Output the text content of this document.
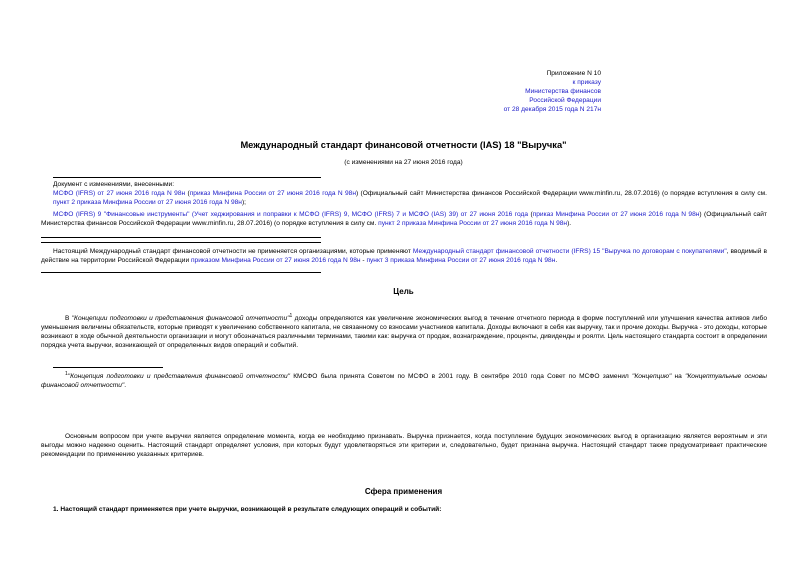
Приложение N 10
к приказу
Министерства финансов
Российской Федерации
от 28 декабря 2015 года N 217н
Международный стандарт финансовой отчетности (IAS) 18 "Выручка"
(с изменениями на 27 июня 2016 года)
Документ с изменениями, внесенными:
МСФО (IFRS) от 27 июня 2016 года N 98н (приказ Минфина России от 27 июня 2016 года N 98н) (Официальный сайт Министерства финансов Российской Федерации www.minfin.ru, 28.07.2016) (о порядке вступления в силу см. пункт 2 приказа Минфина России от 27 июня 2016 года N 98н);
МСФО (IFRS) 9 "Финансовые инструменты" (Учет хеджирования и поправки к МСФО (IFRS) 9, МСФО (IFRS) 7 и МСФО (IAS) 39) от 27 июня 2016 года (приказ Минфина России от 27 июня 2016 года N 98н) (Официальный сайт Министерства финансов Российской Федерации www.minfin.ru, 28.07.2016) (о порядке вступления в силу см. пункт 2 приказа Минфина России от 27 июня 2016 года N 98н).
Настоящий Международный стандарт финансовой отчетности не применяется организациями, которые применяют Международный стандарт финансовой отчетности (IFRS) 15 "Выручка по договорам с покупателями", вводимый в действие на территории Российской Федерации приказом Минфина России от 27 июня 2016 года N 98н - пункт 3 приказа Минфина России от 27 июня 2016 года N 98н.
Цель
В "Концепции подготовки и представления финансовой отчетности"$^1$ доходы определяются как увеличение экономических выгод в течение отчетного периода в форме поступлений или улучшения качества активов либо уменьшения величины обязательств, которые приводят к увеличению собственного капитала, не связанному со взносами участников капитала. Доходы включают в себя как выручку, так и прочие доходы. Выручка - это доходы, которые возникают в ходе обычной деятельности организации и могут обозначаться различными терминами, такими как: выручка от продаж, вознаграждение, проценты, дивиденды и роялти. Цель настоящего стандарта состоит в определении порядка учета выручки, возникающей от определенных видов операций и событий.
$^1$"Концепция подготовки и представления финансовой отчетности" КМСФО была принята Советом по МСФО в 2001 году. В сентябре 2010 года Совет по МСФО заменил "Концепцию" на "Концептуальные основы финансовой отчетности".
Основным вопросом при учете выручки является определение момента, когда ее необходимо признавать. Выручка признается, когда поступление будущих экономических выгод в организацию является вероятным и эти выгоды можно надежно оценить. Настоящий стандарт определяет условия, при которых будут удовлетворяться эти критерии и, следовательно, будет признана выручка. Настоящий стандарт также предусматривает практические рекомендации по применению указанных критериев.
Сфера применения
1. Настоящий стандарт применяется при учете выручки, возникающей в результате следующих операций и событий:
